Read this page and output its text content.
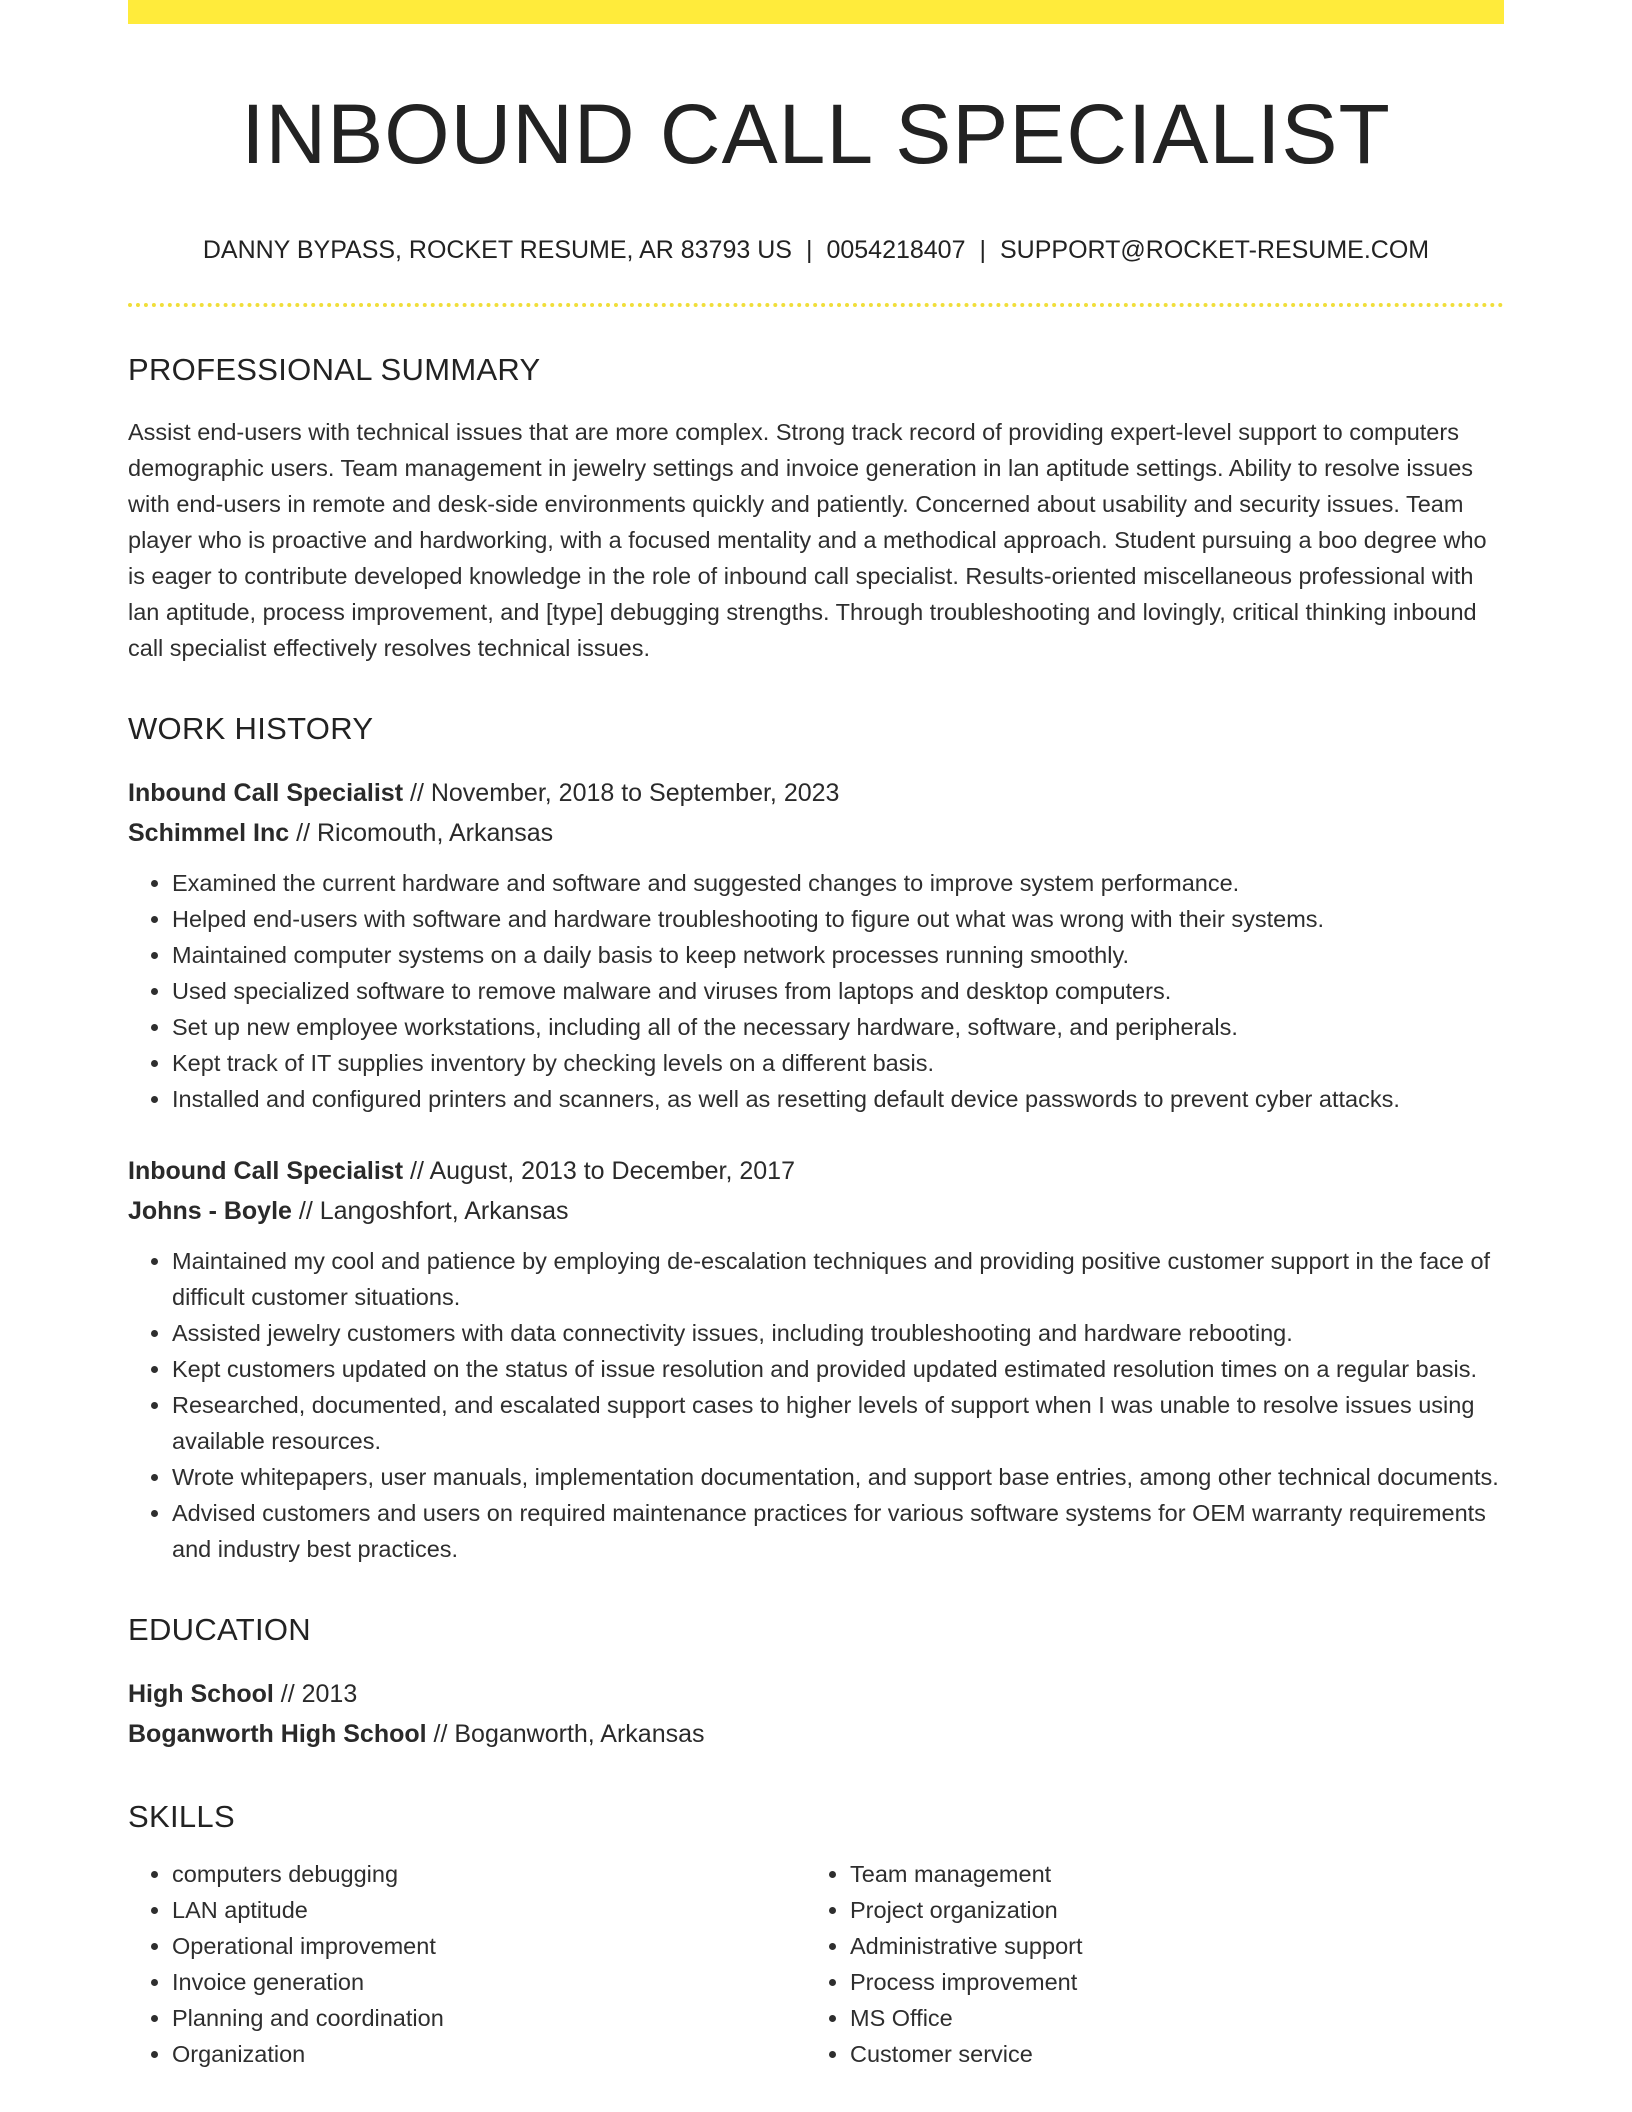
INBOUND CALL SPECIALIST
DANNY BYPASS, ROCKET RESUME, AR 83793 US | 0054218407 | SUPPORT@ROCKET-RESUME.COM
PROFESSIONAL SUMMARY

Assist end-users with technical issues that are more complex. Strong track record of providing expert-level support to computers demographic users. Team management in jewelry settings and invoice generation in lan aptitude settings. Ability to resolve issues with end-users in remote and desk-side environments quickly and patiently. Concerned about usability and security issues. Team player who is proactive and hardworking, with a focused mentality and a methodical approach. Student pursuing a boo degree who is eager to contribute developed knowledge in the role of inbound call specialist. Results-oriented miscellaneous professional with lan aptitude, process improvement, and [type] debugging strengths. Through troubleshooting and lovingly, critical thinking inbound call specialist effectively resolves technical issues.

WORK HISTORY
Inbound Call Specialist // November, 2018 to September, 2023
Schimmel Inc // Ricomouth, Arkansas
• Examined the current hardware and software and suggested changes to improve system performance.
• Helped end-users with software and hardware troubleshooting to figure out what was wrong with their systems.
• Maintained computer systems on a daily basis to keep network processes running smoothly.
• Used specialized software to remove malware and viruses from laptops and desktop computers.
• Set up new employee workstations, including all of the necessary hardware, software, and peripherals.
• Kept track of IT supplies inventory by checking levels on a different basis.
• Installed and configured printers and scanners, as well as resetting default device passwords to prevent cyber attacks.
Inbound Call Specialist // August, 2013 to December, 2017
Johns - Boyle // Langoshfort, Arkansas
• Maintained my cool and patience by employing de-escalation techniques and providing positive customer support in the face of difficult customer situations.
• Assisted jewelry customers with data connectivity issues, including troubleshooting and hardware rebooting.
• Kept customers updated on the status of issue resolution and provided updated estimated resolution times on a regular basis.
• Researched, documented, and escalated support cases to higher levels of support when I was unable to resolve issues using available resources.
• Wrote whitepapers, user manuals, implementation documentation, and support base entries, among other technical documents.
• Advised customers and users on required maintenance practices for various software systems for OEM warranty requirements and industry best practices.
EDUCATION
High School // 2013
Boganworth High School // Boganworth, Arkansas
SKILLS
• computers debugging
• LAN aptitude
• Operational improvement
• Invoice generation
• Planning and coordination
• Organization
• Team management
• Project organization
• Administrative support
• Process improvement
• MS Office
• Customer service
